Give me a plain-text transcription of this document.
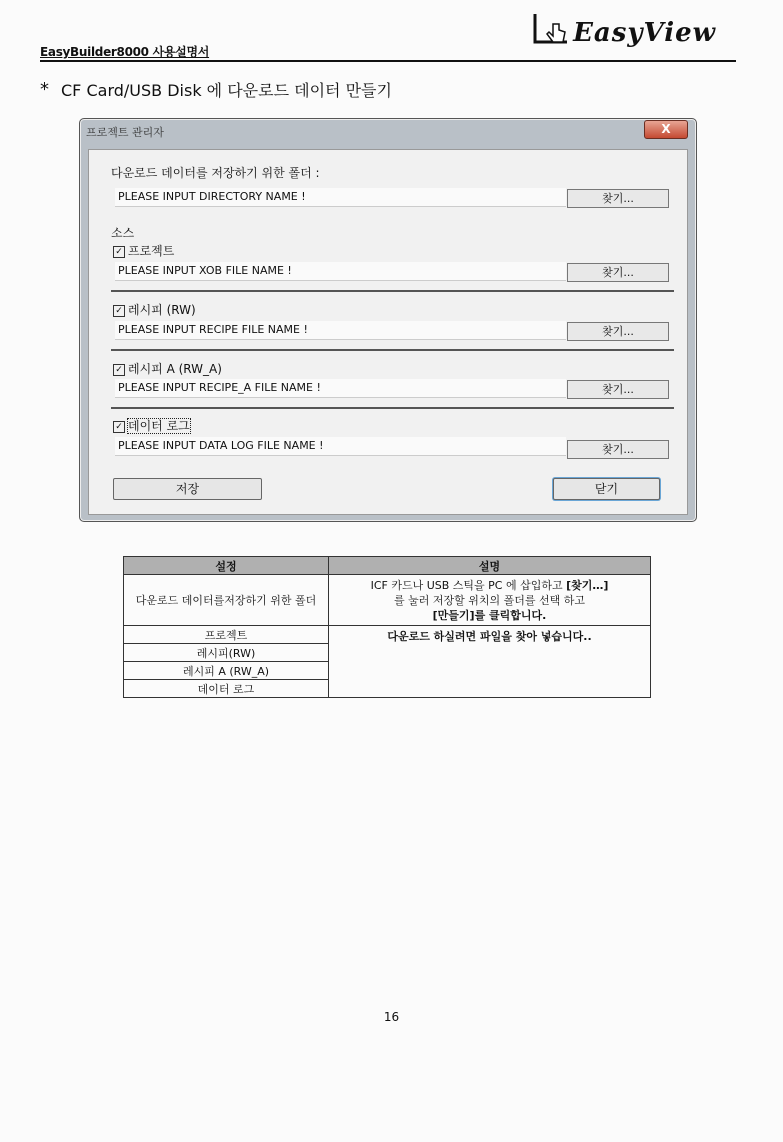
EasyBuilder8000 사용설명서
EasyView
* CF Card/USB Disk 에 다운로드 데이터 만들기
프로젝트 관리자	X
다운로드 데이터를 저장하기 위한 폴더 :
PLEASE INPUT DIRECTORY NAME !	찾기...
소스
✓ 프로젝트
PLEASE INPUT XOB FILE NAME !	찾기...
✓ 레시피 (RW)
PLEASE INPUT RECIPE FILE NAME !	찾기...
✓ 레시피 A (RW_A)
PLEASE INPUT RECIPE_A FILE NAME !	찾기...
✓ 데이터 로그
PLEASE INPUT DATA LOG FILE NAME !	찾기...
저장	닫기
설정	설명
다운로드 데이터를저장하기 위한 폴더	ICF 카드나 USB 스틱을 PC 에 삽입하고 [찾기…]
를 눌러 저장할 위치의 폴더를 선택 하고
[만들기]를 클릭합니다.
프로젝트	다운로드 하실려면 파일을 찾아 넣습니다..
레시피(RW)	
레시피 A (RW_A)	
데이터 로그	
16
